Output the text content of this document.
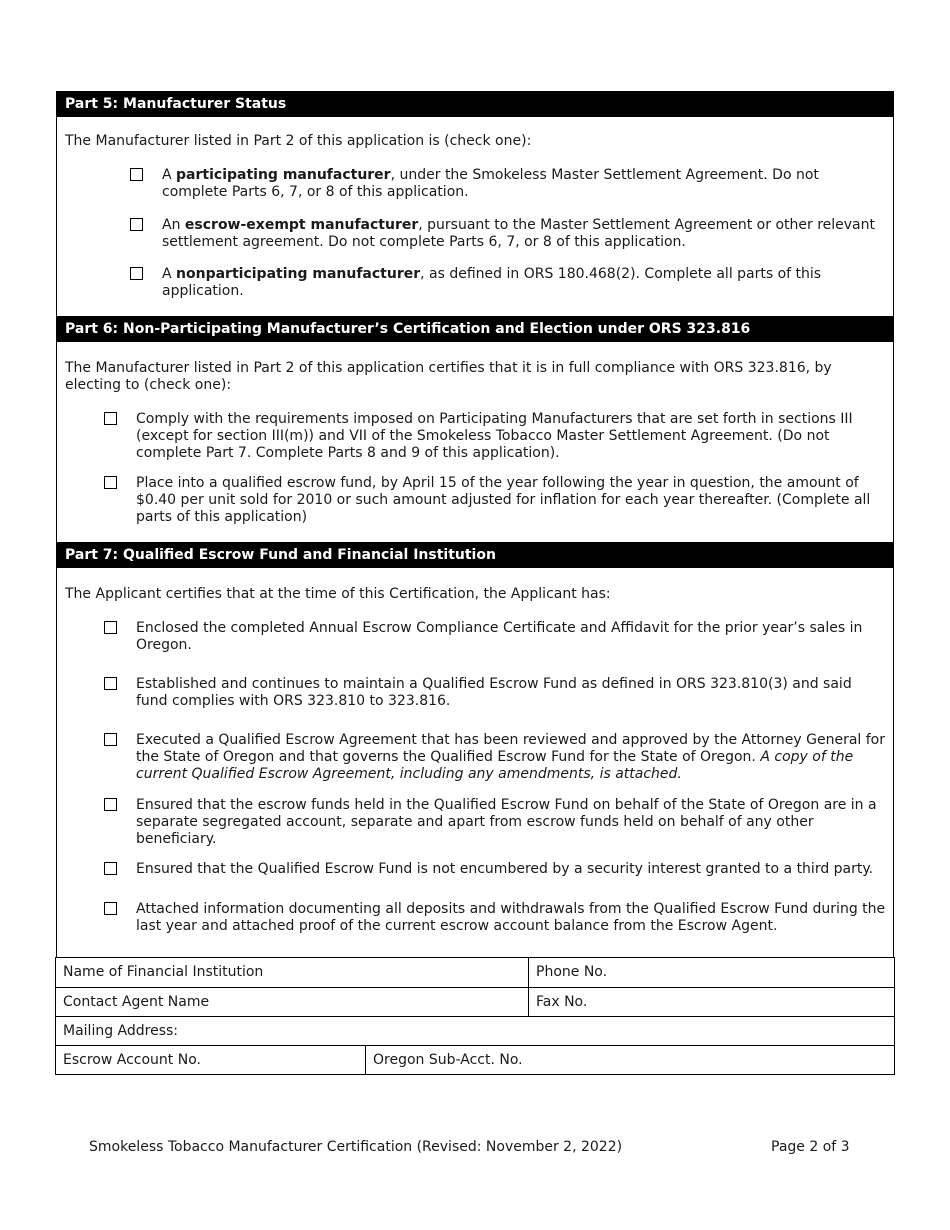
Part 5: Manufacturer Status
The Manufacturer listed in Part 2 of this application is (check one):
A participating manufacturer, under the Smokeless Master Settlement Agreement. Do not complete Parts 6, 7, or 8 of this application.
An escrow-exempt manufacturer, pursuant to the Master Settlement Agreement or other relevant settlement agreement. Do not complete Parts 6, 7, or 8 of this application.
A nonparticipating manufacturer, as defined in ORS 180.468(2). Complete all parts of this application.
Part 6: Non-Participating Manufacturer’s Certification and Election under ORS 323.816
The Manufacturer listed in Part 2 of this application certifies that it is in full compliance with ORS 323.816, by electing to (check one):
Comply with the requirements imposed on Participating Manufacturers that are set forth in sections III (except for section III(m)) and VII of the Smokeless Tobacco Master Settlement Agreement. (Do not complete Part 7. Complete Parts 8 and 9 of this application).
Place into a qualified escrow fund, by April 15 of the year following the year in question, the amount of $0.40 per unit sold for 2010 or such amount adjusted for inflation for each year thereafter. (Complete all parts of this application)
Part 7: Qualified Escrow Fund and Financial Institution
The Applicant certifies that at the time of this Certification, the Applicant has:
Enclosed the completed Annual Escrow Compliance Certificate and Affidavit for the prior year’s sales in Oregon.
Established and continues to maintain a Qualified Escrow Fund as defined in ORS 323.810(3) and said fund complies with ORS 323.810 to 323.816.
Executed a Qualified Escrow Agreement that has been reviewed and approved by the Attorney General for the State of Oregon and that governs the Qualified Escrow Fund for the State of Oregon. A copy of the current Qualified Escrow Agreement, including any amendments, is attached.
Ensured that the escrow funds held in the Qualified Escrow Fund on behalf of the State of Oregon are in a separate segregated account, separate and apart from escrow funds held on behalf of any other beneficiary.
Ensured that the Qualified Escrow Fund is not encumbered by a security interest granted to a third party.
Attached information documenting all deposits and withdrawals from the Qualified Escrow Fund during the last year and attached proof of the current escrow account balance from the Escrow Agent.
Name of Financial Institution	Phone No.
Contact Agent Name	Fax No.
Mailing Address:
Escrow Account No.	Oregon Sub-Acct. No.
Smokeless Tobacco Manufacturer Certification (Revised: November 2, 2022)	Page 2 of 3
